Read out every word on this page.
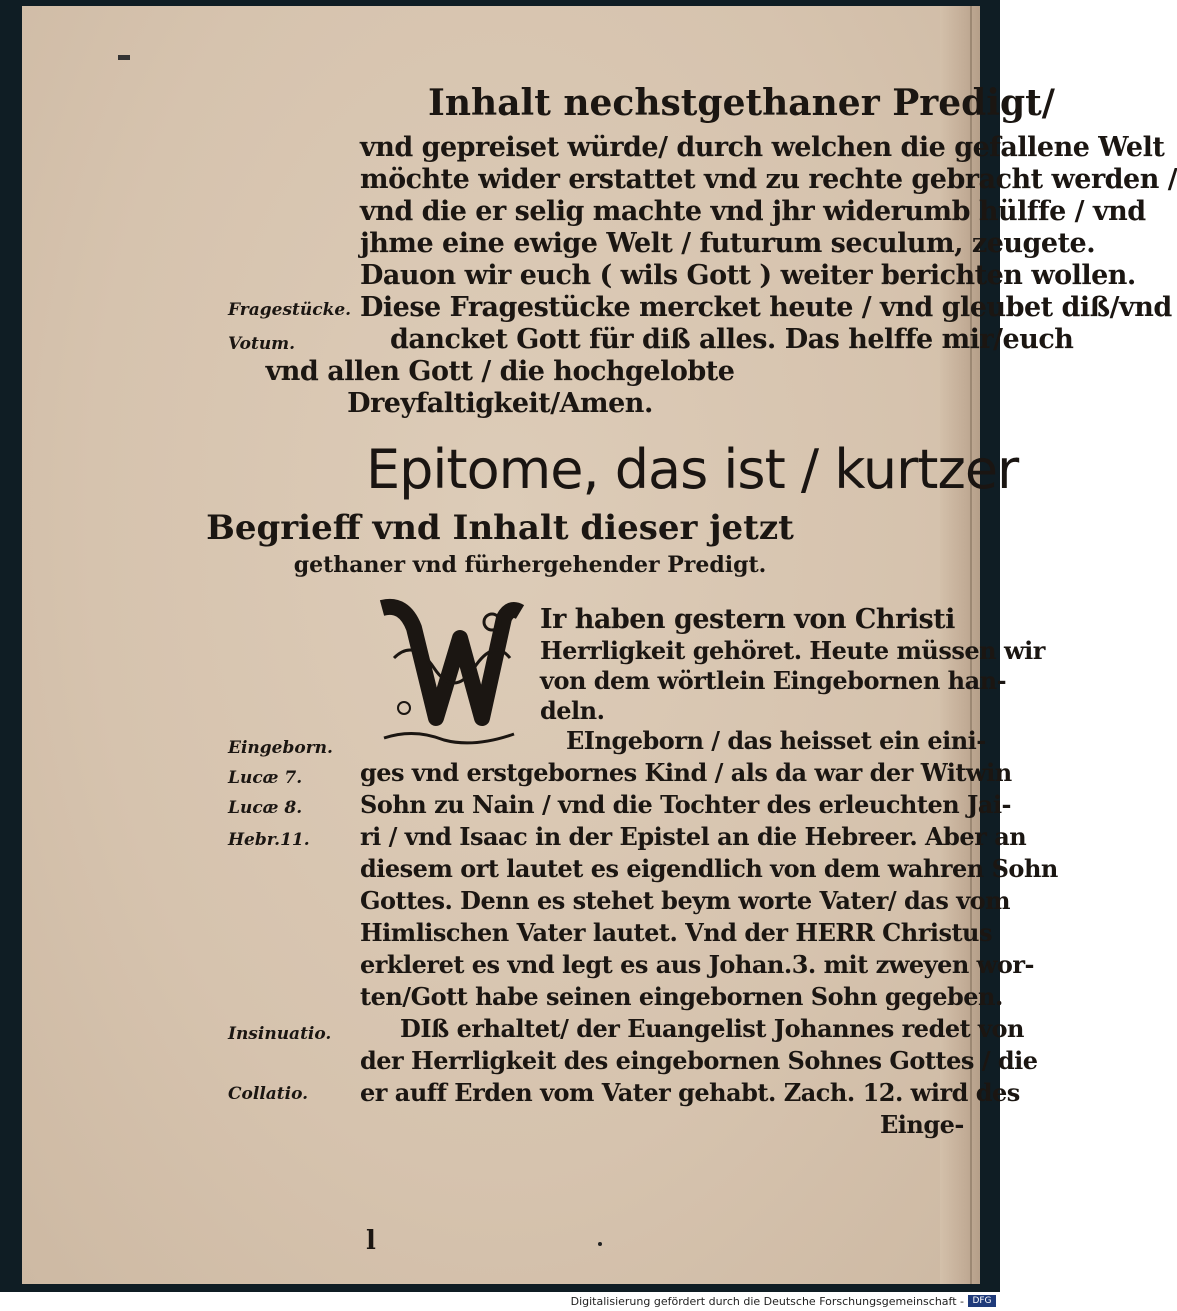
Inhalt nechstgethaner Predigt/
vnd gepreiset würde/ durch welchen die gefallene Welt
möchte wider erstattet vnd zu rechte gebracht werden /
vnd die er selig machte vnd jhr widerumb hülffe / vnd
jhme eine ewige Welt / futurum seculum, zeugete.
Dauon wir euch ( wils Gott ) weiter berichten wollen.
Diese Fragestücke mercket heute / vnd gleubet diß/vnd
dancket Gott für diß alles. Das helffe mir/euch
vnd allen Gott / die hochgelobte
Dreyfaltigkeit/Amen.
Epitome, das ist / kurtzer
Begrieff vnd Inhalt dieser jetzt
gethaner vnd fürhergehender Predigt.
W
Ir haben gestern von Christi
Herrligkeit gehöret. Heute müssen wir
von dem wörtlein Eingebornen han-
deln.
EIngeborn / das heisset ein eini-
ges vnd erstgebornes Kind / als da war der Witwin
Sohn zu Nain / vnd die Tochter des erleuchten Jai-
ri / vnd Isaac in der Epistel an die Hebreer. Aber an
diesem ort lautet es eigendlich von dem wahren Sohn
Gottes. Denn es stehet beym worte Vater/ das vom
Himlischen Vater lautet. Vnd der HERR Christus
erkleret es vnd legt es aus Johan.3. mit zweyen wor-
ten/Gott habe seinen eingebornen Sohn gegeben.
DIß erhaltet/ der Euangelist Johannes redet von
der Herrligkeit des eingebornen Sohnes Gottes / die
er auff Erden vom Vater gehabt. Zach. 12. wird des
Einge-
Fragestücke.
Votum.
Eingeborn.
Lucæ 7.
Lucæ 8.
Hebr.11.
Insinuatio.
Collatio.
l
Digitalisierung gefördert durch die Deutsche Forschungsgemeinschaft - DFG
